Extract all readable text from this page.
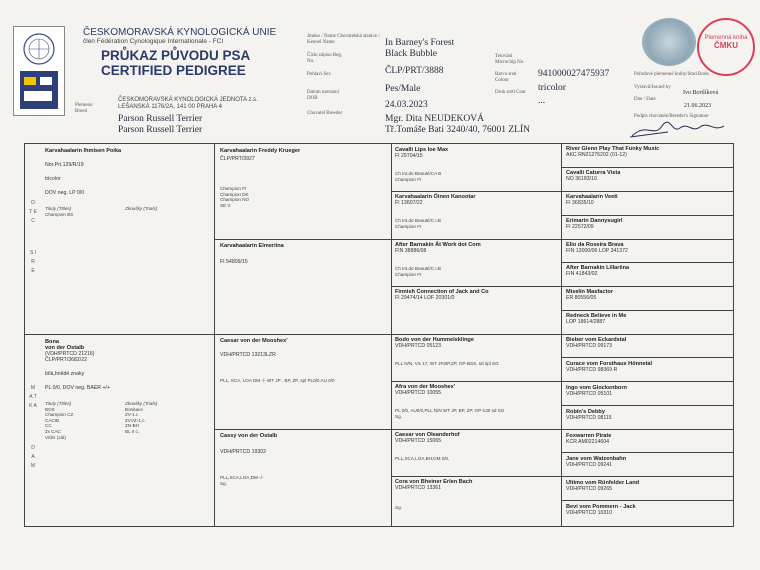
ČESKOMORAVSKÁ KYNOLOGICKÁ UNIE
člen Fédération Cynologique Internationale - FCI
PRŮKAZ PŮVODU PSA
CERTIFIED PEDIGREE
Plemeno Breed
ČESKOMORAVSKÁ KYNOLOGICKÁ JEDNOTA z.s.
LEŠANSKÁ 1176/2A, 141 00 PRAHA 4
Parson Russell Terrier
Parson Russell Terrier
Jméno / Name Chovatelská stanice / Kennel Name
Číslo zápisu Reg. No.
Pohlaví Sex
Datum narození DOB
Chovatel Breeder
In Barney's Forest
Black Bubble
ČLP/PRT/3888
Pes/Male
24.03.2023
Mgr. Dita NEUDEKOVÁ
Tř.Tomáše Bati 3240/40, 76001 ZLÍN
Tetování Microchip No.
Barva srsti Colour
Druh srsti Coat
941000027475937
tricolor
...
Pořadové plemenné knihy/Stud Book
Vystavil/Issued by
Dne / Date
Ivo Bortlíková
21.06.2023
Podpis chovatele/Breeder's Signature
Plemenná kniha
ČMKU
O T E C
S I R E
M A T K A
D A M
Karvahaalarin Ihmisen Poika
Nor.Prt.129/R/19
tricolor
DOV neg. LP 0/0
Tituly (Titles)
Champion BS
Zkoušky (Trials)
Bona
von der Ostalb
(VDH/PRTCD 21216)
ČLP/PRT/3682/22
bílá,hnědé znaky
PL 0/0, DOV neg. BAER +/+
Tituly (Titles)
BOS
Champion CZ
CACIB
CC
2x CAC
Vítěz (Ját)
Zkoušky (Trials)
Bonitace
ZV-1.c
ZVVZ-1.c.
ZN-BH
BL II c.
Karvahaalarin Freddy Krueger
ČLP/PRT/3927
Champion FI
Champion DK
Champion NO
SE V
Karvahaalarin Elmeriina
FI 54809/15
Caesar von der Mooshex'
VDH/PRTCD 13213LZR
PLL, SCA, LOA DM -/- WT JP , BP, ZP, spl PL0/0 AU 0/0
Cassy von der Ostalb
VDH/PRTCD 19302
PLL,SCA,LOA,DM -/-
Sg.
Cavalli Lips Ioe Max
FI 29704/15
Ch Int.de Beauté/CA B
Champion FI
Karvahaalarin Öinen Kanootar
FI 13607/22
Ch Int.de Beauté/C.I.B
Champion FI
After Barnakin Ät Work dot Com
FIN 38886/08
Ch Int.de Beauté/C.I.B
Champion FI
Finnish Connection of Jack and Co
FI 29474/14 LOF 20301/0
Bodo von der Hummelsklinge
VDH/PRTCD 05123
PLL N/N, VS 17, WT JP,BP,ZP, GP-BSS, sd spl SG
Afra von der Mooshex'
VDH/PRTCD 10055
PL 0/0, AU0/0,PLL N/N WT JP, BP, ZP, GP-130 sd SG
Sg.
Caesar von Oleanderhof
VDH/PRTCD 15065
PLL,SCA,LOA,BH,DM 0/0,
Cora von Bheiner Erlen Bach
VDH/PRTCD 13361
Sg.
River Glenn Play That Funky Music
AKC RN21276202 (01-12)
Cavalli Caturra Vista
NO 36183/10
Karvahaalarin Veeti
FI 36835/10
Erimarin Dannysugirl
FI 22572/09
Elio da Roseira Brava
FIN 13000/06 LOP 341372
After Barnakin Lillariina
FIN 41843/02
Miselin Masfactor
ER 80556/05
Redneck Believe in Me
LOP 18614/2887
Bieber vom Eckardstal
VDH/PRTCD 09173
Curace vom Forsthaus Hönnetal
VDH/PRTCD 98369 R
Ingo vom Glockenborn
VDH/PRTCD 05101
Robin's Debby
VDH/PRTCD 08115
Foxwarren Pirate
KCR AM02214604
Jane vom Watzenbahn
VDH/PRTCD 09241
Ultimo vom Rünfelder Land
VDH/PRTCD 09265
Bevi vom Pommern - Jack
VDH/PRTCD 10310
